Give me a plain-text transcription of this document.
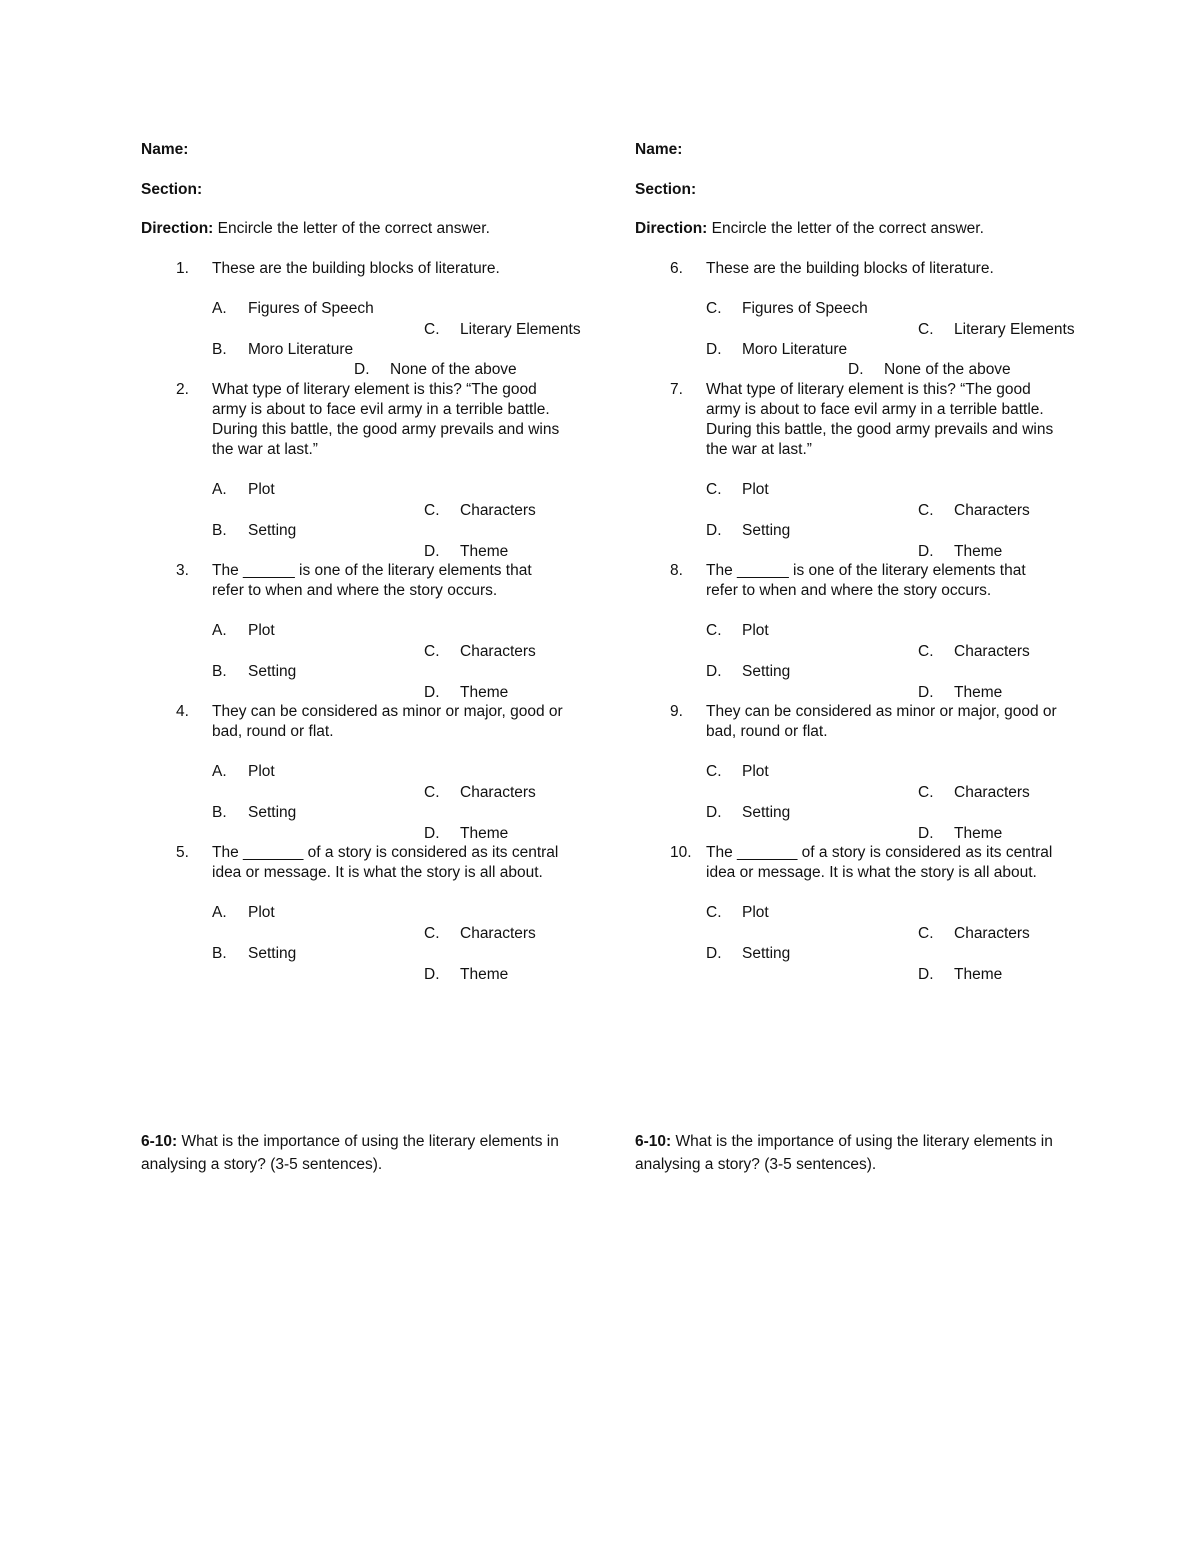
Name:
Section:
Direction: Encircle the letter of the correct answer.
1. These are the building blocks of literature.
A. Figures of Speech
B. Moro Literature
C. Literary Elements
D. None of the above
2. What type of literary element is this? “The good army is about to face evil army in a terrible battle. During this battle, the good army prevails and wins the war at last.”
A. Plot
B. Setting
C. Characters
D. Theme
3. The ______ is one of the literary elements that refer to when and where the story occurs.
A. Plot
B. Setting
C. Characters
D. Theme
4. They can be considered as minor or major, good or bad, round or flat.
A. Plot
B. Setting
C. Characters
D. Theme
5. The _______ of a story is considered as its central idea or message. It is what the story is all about.
A. Plot
B. Setting
C. Characters
D. Theme
Name:
Section:
Direction: Encircle the letter of the correct answer.
6. These are the building blocks of literature.
C. Figures of Speech
D. Moro Literature
C. Literary Elements
D. None of the above
7. What type of literary element is this? “The good army is about to face evil army in a terrible battle. During this battle, the good army prevails and wins the war at last.”
C. Plot
D. Setting
C. Characters
D. Theme
8. The ______ is one of the literary elements that refer to when and where the story occurs.
C. Plot
D. Setting
C. Characters
D. Theme
9. They can be considered as minor or major, good or bad, round or flat.
C. Plot
D. Setting
C. Characters
D. Theme
10. The _______ of a story is considered as its central idea or message. It is what the story is all about.
C. Plot
D. Setting
C. Characters
D. Theme
6-10: What is the importance of using the literary elements in analysing a story? (3-5 sentences).
6-10: What is the importance of using the literary elements in analysing a story? (3-5 sentences).
